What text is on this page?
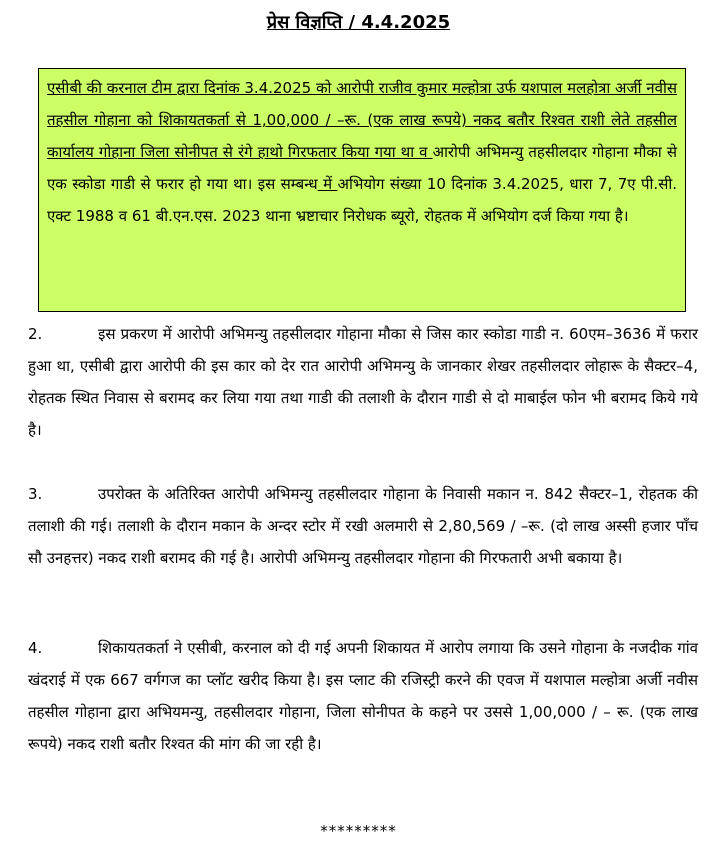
प्रेस विज्ञप्ति / 4.4.2025
एसीबी की करनाल टीम द्वारा दिनांक 3.4.2025 को आरोपी राजीव कुमार मल्होत्रा उर्फ यशपाल मलहोत्रा अर्जी नवीस तहसील गोहाना को शिकायतकर्ता से 1,00,000 / –रू. (एक लाख रूपये) नकद बतौर रिश्वत राशी लेते तहसील कार्यालय गोहाना जिला सोनीपत से रंगे हाथो गिरफतार किया गया था व आरोपी अभिमन्यु तहसीलदार गोहाना मौका से एक स्कोडा गाडी से फरार हो गया था। इस सम्बन्ध में अभियोग संख्या 10 दिनांक 3.4.2025, धारा 7, 7ए पी.सी. एक्ट 1988 व 61 बी.एन.एस. 2023 थाना भ्रष्टाचार निरोधक ब्यूरो, रोहतक में अभियोग दर्ज किया गया है।
2.	इस प्रकरण में आरोपी अभिमन्यु तहसीलदार गोहाना मौका से जिस कार स्कोडा गाडी न. 60एम–3636 में फरार हुआ था, एसीबी द्वारा आरोपी की इस कार को देर रात आरोपी अभिमन्यु के जानकार शेखर तहसीलदार लोहारू के सैक्टर–4, रोहतक स्थित निवास से बरामद कर लिया गया तथा गाडी की तलाशी के दौरान गाडी से दो माबाईल फोन भी बरामद किये गये है।
3.	उपरोक्त के अतिरिक्त आरोपी अभिमन्यु तहसीलदार गोहाना के निवासी मकान न. 842 सैक्टर–1, रोहतक की तलाशी की गई। तलाशी के दौरान मकान के अन्दर स्टोर में रखी अलमारी से 2,80,569 / –रू. (दो लाख अस्सी हजार पाँच सौ उनहत्तर) नकद राशी बरामद की गई है। आरोपी अभिमन्यु तहसीलदार गोहाना की गिरफतारी अभी बकाया है।
4.	शिकायतकर्ता ने एसीबी, करनाल को दी गई अपनी शिकायत में आरोप लगाया कि उसने गोहाना के नजदीक गांव खंदराई में एक 667 वर्गगज का प्लॉट खरीद किया है। इस प्लाट की रजिस्ट्री करने की एवज में यशपाल मल्होत्रा अर्जी नवीस तहसील गोहाना द्वारा अभियमन्यु, तहसीलदार गोहाना, जिला सोनीपत के कहने पर उससे 1,00,000 / – रू. (एक लाख रूपये) नकद राशी बतौर रिश्वत की मांग की जा रही है।
*********
